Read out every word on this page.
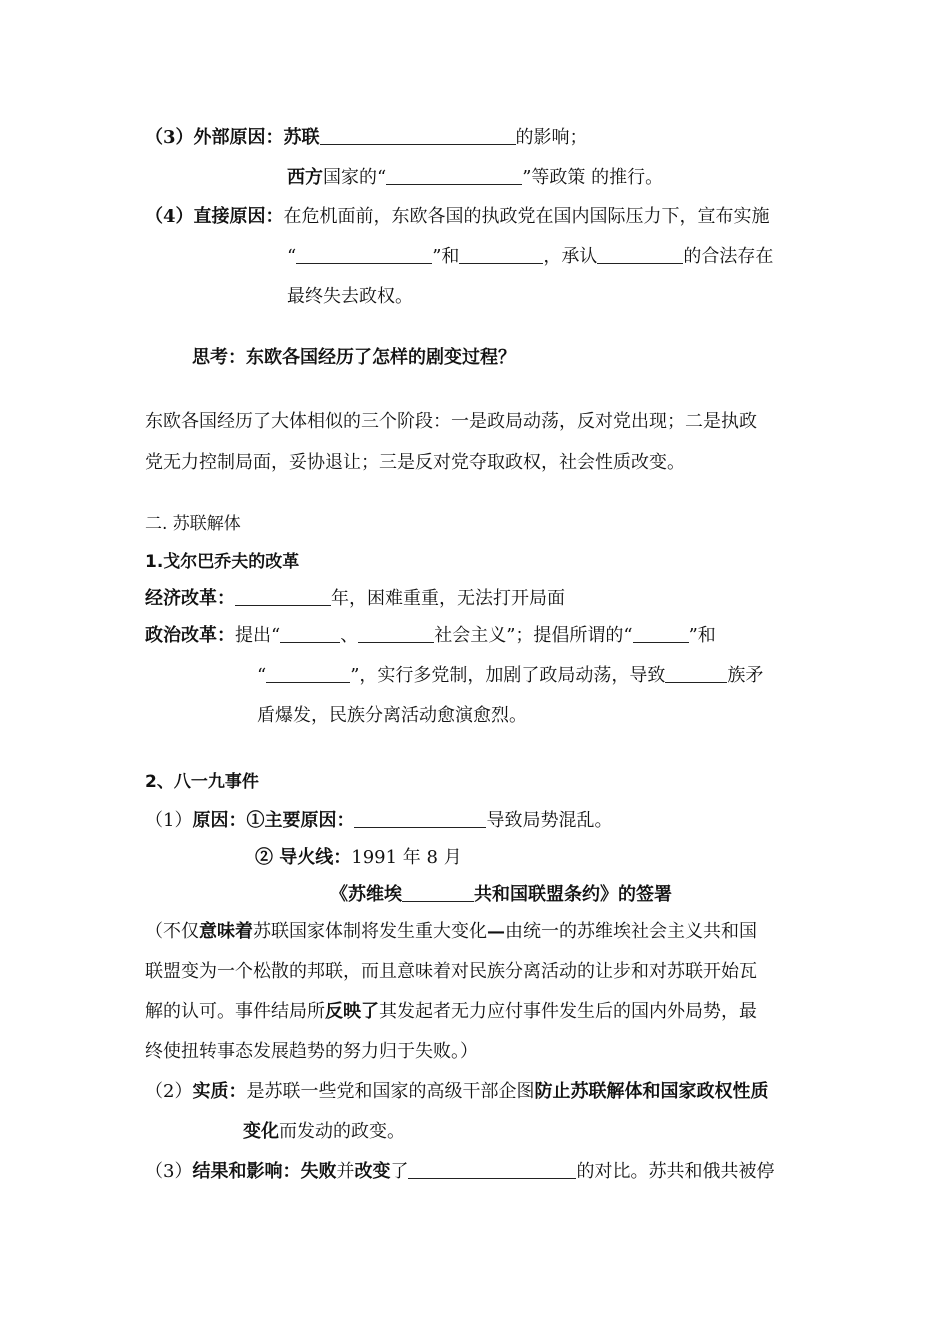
（3）外部原因：苏联	的影响；
西方国家的“	”等政策 的推行。
（4）直接原因：在危机面前，东欧各国的执政党在国内国际压力下，宣布实施
“	”和	，承认	的合法存在
最终失去政权。
思考：东欧各国经历了怎样的剧变过程？
东欧各国经历了大体相似的三个阶段：一是政局动荡，反对党出现；二是执政
党无力控制局面，妥协退让；三是反对党夺取政权，社会性质改变。
二. 苏联解体
1.戈尔巴乔夫的改革
经济改革：	年，困难重重，无法打开局面
政治改革：提出“	、	社会主义”；提倡所谓的“	”和
“	”，实行多党制，加剧了政局动荡，导致	族矛
盾爆发，民族分离活动愈演愈烈。
2、八一九事件
（1）原因：①主要原因：	导致局势混乱。
② 导火线：1991 年 8 月
《苏维埃	共和国联盟条约》的签署
（不仅意味着苏联国家体制将发生重大变化—由统一的苏维埃社会主义共和国
联盟变为一个松散的邦联，而且意味着对民族分离活动的让步和对苏联开始瓦
解的认可。事件结局所反映了其发起者无力应付事件发生后的国内外局势，最
终使扭转事态发展趋势的努力归于失败。）
（2）实质：是苏联一些党和国家的高级干部企图防止苏联解体和国家政权性质
变化而发动的政变。
（3）结果和影响：失败并改变了	的对比。苏共和俄共被停
